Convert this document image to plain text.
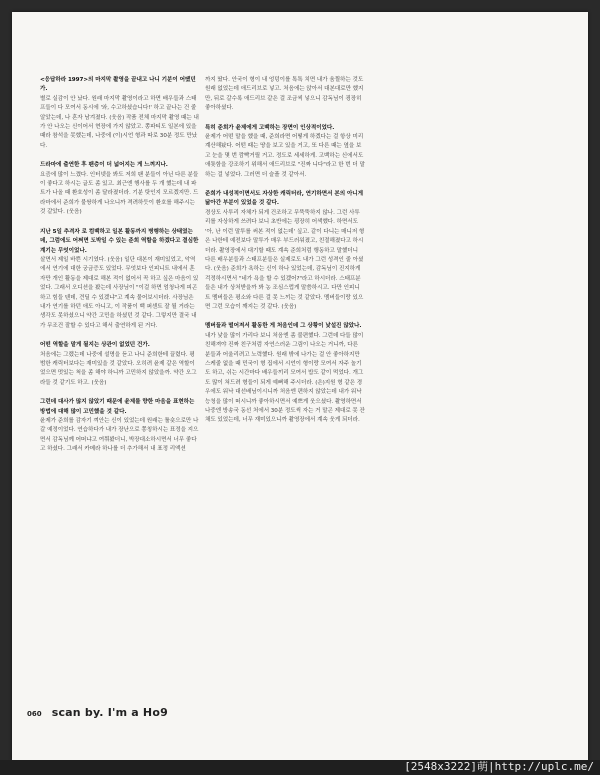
<응답하라 1997>의 마지막 촬영을 끝내고 나니 기분이 어땠던가.
별로 실감이 안 났다. 원래 마지막 촬영이라고 하면 배우들과 스태프들이 다 모여서 동시에 '와, 수고하셨습니다!' 하고 끝나는 건 줄 알았는데, 나 혼자 남겨졌다. (웃음) 작품 전체 마지막 촬영 때는 내가 안 나오는 신이어서 현장에 가지 않았고. 쫑파티도 일본에 있을 때라 참석을 못했는데, 나중에 (이)시언 형과 따로 30분 정도 만났다.
드라마에 출연한 후 팬층이 더 넓어지는 게 느껴지나.
요즘에 많이 느꼈다. 인터넷을 봐도 저희 팬 분들이 아닌 다른 분들이 좋다고 하시는 글도 좀 있고. 최근엔 행사를 두 개 했는데 내 파트가 나올 때 환호성이 좀 달라졌더라. 기분 탓인지 모르겠지만. 드라마에서 준희가 불쌍하게 나오니까 격려하듯이 환호를 해주시는 것 같았다. (웃음)
지난 5일 추격자 로 컴백하고 일본 활동까지 병행하는 상태였는데, 그럼에도 어쩌면 도박일 수 있는 준희 역할을 하겠다고 결심한 계기는 무엇이었나.
살면서 제일 바쁜 시기였다. (웃음) 일단 대본이 재미있었고, 악역에서 연기에 대한 궁금증도 있었다. 무엇보다 인피니트 내에서 혼자만 개인 활동을 제대로 해본 적이 없어서 꼭 하고 싶은 마음이 있었다. 그래서 오디션을 봤는데 사장님이 "이걸 하면 엄청나게 피곤하고 힘들 텐데, 견딜 수 있겠냐"고 계속 물어보시더라. 사장님은 내가 연기를 하던 애도 아니고, 이 작품이 백 퍼센트 잘 될 거라는 생각도 못하셨으니 약간 고민을 하셨던 것 같다. 그렇지만 결국 내가 무조건 잘할 수 있다고 해서 출연하게 된 거다.
어떤 역할을 맡게 될지는 상관이 없었던 건가.
처음에는 그랬는데 나중에 설명을 듣고 나니 준희한테 끌렸다. 평범한 캐릭터보다는 재미있을 것 같았다. 오히려 윤제 같은 역할이었으면 멋있는 척을 좀 해야 하니까 고민하지 않았을까. 약간 오그라들 것 같기도 하고. (웃음)
그런데 대사가 많지 않았기 때문에 윤제를 향한 마음을 표현하는 방법에 대해 많이 고민했을 것 같다.
윤제가 준희를 감자기 껴안는 신이 있었는데 원래는 툴숏으로만 나갈 예정이었다. 연습하다가 내가 장난으로 쫑칭하시는 표정을 지으면서 감독님께 어떠냐고 여쭤봤더니, 박장대소하시면서 너무 좋다고 하셨다. 그래서 카메라 하나를 더 추가해서 내 표정 리액션
까지 땄다. 안국이 형이 내 엉덩이를 톡톡 치면 내가 움찔하는 것도 원래 없었는데 애드리브로 넣고. 처음에는 앉아서 대본대로만 했지만, 뒤로 갈수록 애드리브 같은 걸 조금씩 넣으니 감독님이 굉장히 좋아하셨다.
특히 준희가 윤제에게 고백하는 장면이 인상적이었다.
윤제가 어떤 말을 했을 때, 준희라면 어떻게 하겠다는 걸 항상 미리 계산해놨다. 어떤 때는 땅을 보고 있을 거고, 또 다른 때는 옆을 보고 눈을 몇 번 깜빡거릴 거고. 정도로 세세하게. 고백하는 신에서도 애틋함을 강조하기 위해서 애드리브로 "진짜 니다"라고 한 번 더 말하는 걸 넣었다. 그러면 더 슬플 것 같아서.
준희가 내성적이면서도 자상한 캐릭터라, 연기하면서 본의 아니게 닮아간 부분이 있었을 것 같다.
경상도 사투리 자체가 되게 건조하고 무뚝뚝하지 않나. 그런 사투리를 자상하게 쓰려다 보니 초반에는 굉장히 어색했다. 하면서도 '아, 난 이런 말투를 써본 적이 없는데' 싶고. 같이 다니는 매니저 형은 나한테 예전보다 말투가 매우 부드러워졌고, 친절해졌다고 하시더라. 촬영장에서 대기할 때도 계속 준희처럼 행동하고 말했더니 다른 배우분들과 스태프분들은 실제로도 내가 그런 성격인 줄 아셨다. (웃음) 준희가 욕하는 신이 하나 있었는데, 감독님이 진지하게 걱정하시면서 "네가 욕을 할 수 있겠어?"라고 하시더라. 스태프분들은 내가 상처받을까 봐 농 조심스럽게 말씀하시고. 다만 인피니트 멤버들은 평소와 다른 걸 못 느끼는 것 같았다. 멤버들이랑 있으면 그런 모습이 깨지는 것 같다. (웃음)
멤버들과 떨어져서 활동한 게 처음인데 그 상황이 낯설진 않았나.
내가 낯을 많이 가리다 보니 처음엔 좀 불편했다. 그런데 다들 많이 친해져야 진짜 친구처럼 자연스러운 그림이 나오는 거니까, 다른 분들과 어울리려고 노력했다. 원래 밖에 나가는 걸 안 좋아하지만 스케줄 없을 때 민국이 형 집에서 시언이 형이랑 모여서 자주 놀기도 하고, 쉬는 시간마다 배우들끼리 모여서 밥도 같이 먹었다. 개그도 많이 쳐드려 형들이 되게 예뻐해 주시더라. (은)지원 형 같은 경우에도 워낙 대선배님이시니까 처음엔 편하지 않았는데 내가 워낙 능청을 많이 떠시니까 좋아하시면서 예쁘게 웃으셨다. 촬영하면서 나중엔 방송국 동선 처에서 30분 정도씩 자는 거 말곤 제대로 못 잔 채도 있었는데, 너무 재미있으니까 촬영장에서 계속 웃게 되더라.
060 scan by. I'm a Ho9
[2548x3222]萌|http://uplc.me/
